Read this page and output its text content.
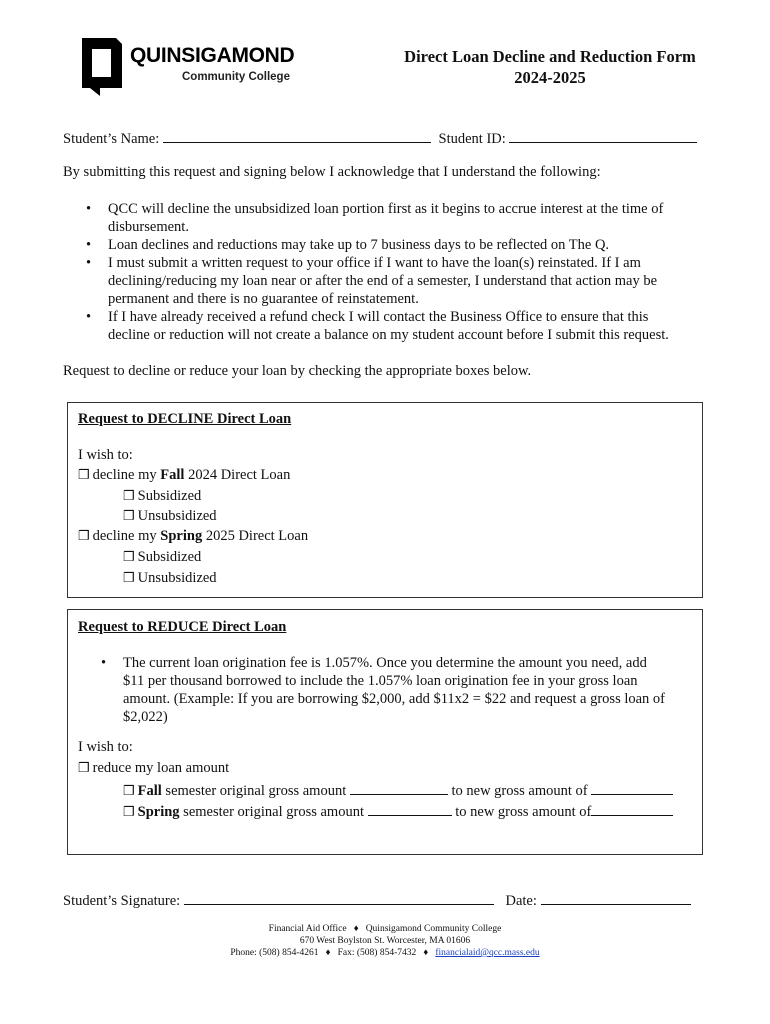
QUINSIGAMOND
Community College
Direct Loan Decline and Reduction Form
2024-2025
Student’s Name:	Student ID:
By submitting this request and signing below I acknowledge that I understand the following:
• QCC will decline the unsubsidized loan portion first as it begins to accrue interest at the time of
disbursement.
• Loan declines and reductions may take up to 7 business days to be reflected on The Q.
• I must submit a written request to your office if I want to have the loan(s) reinstated. If I am
declining/reducing my loan near or after the end of a semester, I understand that action may be
permanent and there is no guarantee of reinstatement.
• If I have already received a refund check I will contact the Business Office to ensure that this
decline or reduction will not create a balance on my student account before I submit this request.
Request to decline or reduce your loan by checking the appropriate boxes below.
Request to DECLINE Direct Loan
I wish to:
❒ decline my Fall 2024 Direct Loan
❒ Subsidized
❒ Unsubsidized
❒ decline my Spring 2025 Direct Loan
❒ Subsidized
❒ Unsubsidized
Request to REDUCE Direct Loan
• The current loan origination fee is 1.057%. Once you determine the amount you need, add
$11 per thousand borrowed to include the 1.057% loan origination fee in your gross loan
amount. (Example: If you are borrowing $2,000, add $11x2 = $22 and request a gross loan of
$2,022)
I wish to:
❒ reduce my loan amount
❒ Fall semester original gross amount	to new gross amount of
❒ Spring semester original gross amount	to new gross amount of
Student’s Signature:	Date:
Financial Aid Office ♦ Quinsigamond Community College
670 West Boylston St. Worcester, MA 01606
Phone: (508) 854-4261 ♦ Fax: (508) 854-7432 ♦ financialaid@qcc.mass.edu
